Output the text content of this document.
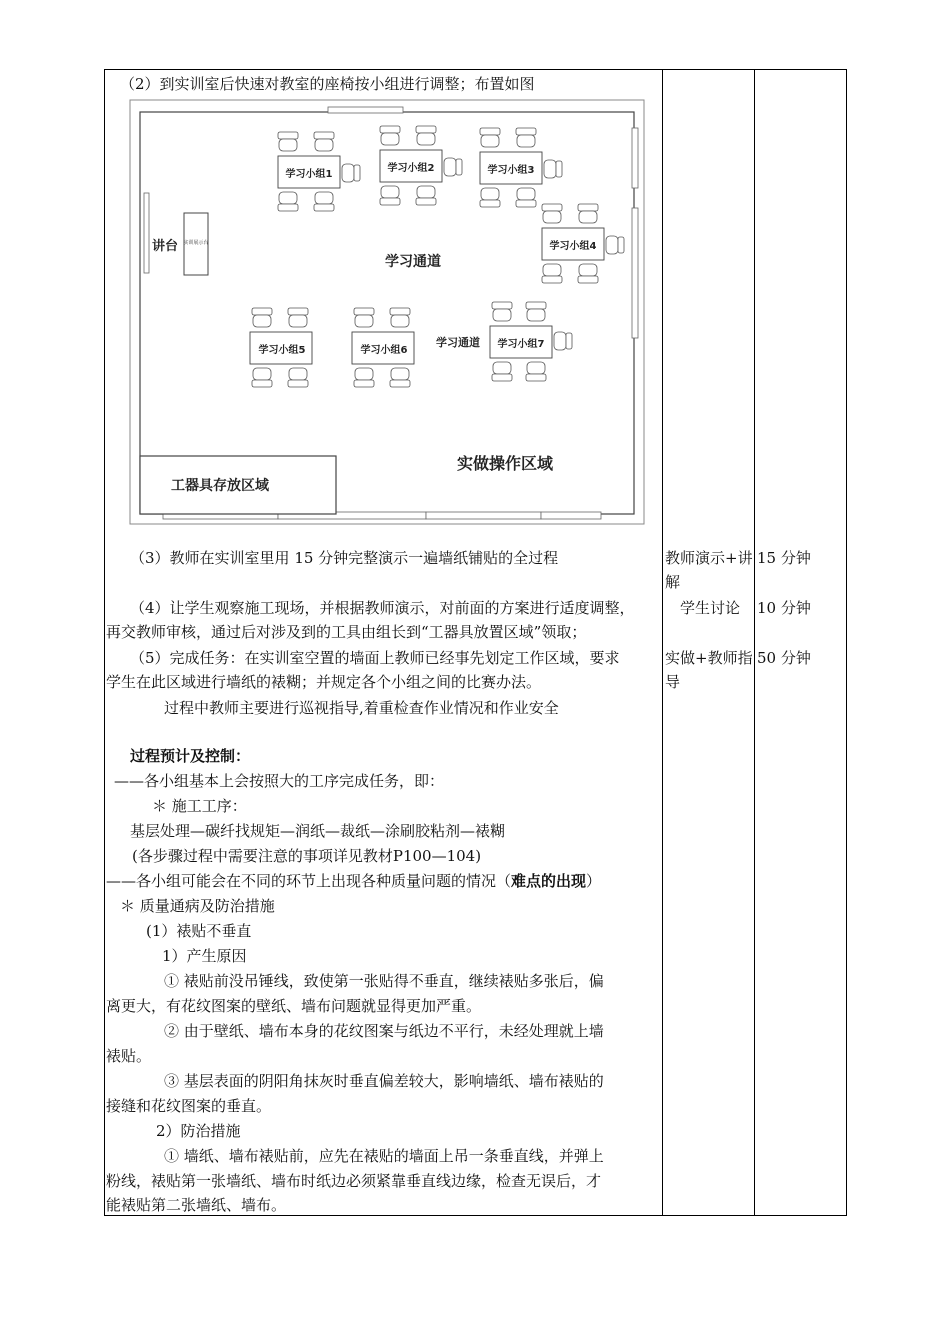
（2）到实训室后快速对教室的座椅按小组进行调整；布置如图
讲台 实训展示台
学习通道
学习小组1
学习小组2	学习小组3
学习小组4
学习小组5	学习小组6
学习通道 学习小组7
工器具存放区域
实做操作区域
（3）教师在实训室里用 15 分钟完整演示一遍墙纸铺贴的全过程
（4）让学生观察施工现场，并根据教师演示，对前面的方案进行适度调整，
再交教师审核，通过后对涉及到的工具由组长到“工器具放置区域”领取；
（5）完成任务：在实训室空置的墙面上教师已经事先划定工作区域，要求
学生在此区域进行墙纸的裱糊；并规定各个小组之间的比赛办法。
过程中教师主要进行巡视指导,着重检查作业情况和作业安全
教师演示+讲解
学生讨论
实做+教师指导
15 分钟
10 分钟
50 分钟
过程预计及控制：
——各小组基本上会按照大的工序完成任务，即：
＊ 施工工序：
基层处理—碳纤找规矩—润纸—裁纸—涂刷胶粘剂—裱糊
(各步骤过程中需要注意的事项详见教材P100—104)
——各小组可能会在不同的环节上出现各种质量问题的情况（难点的出现）
＊ 质量通病及防治措施
(1）裱贴不垂直
1）产生原因
① 裱贴前没吊锤线，致使第一张贴得不垂直，继续裱贴多张后，偏
离更大，有花纹图案的壁纸、墙布问题就显得更加严重。
② 由于壁纸、墙布本身的花纹图案与纸边不平行，未经处理就上墙
裱贴。
③ 基层表面的阴阳角抹灰时垂直偏差较大，影响墙纸、墙布裱贴的
接缝和花纹图案的垂直。
2）防治措施
① 墙纸、墙布裱贴前，应先在裱贴的墙面上吊一条垂直线，并弹上
粉线，裱贴第一张墙纸、墙布时纸边必须紧靠垂直线边缘，检查无误后，才
能裱贴第二张墙纸、墙布。
